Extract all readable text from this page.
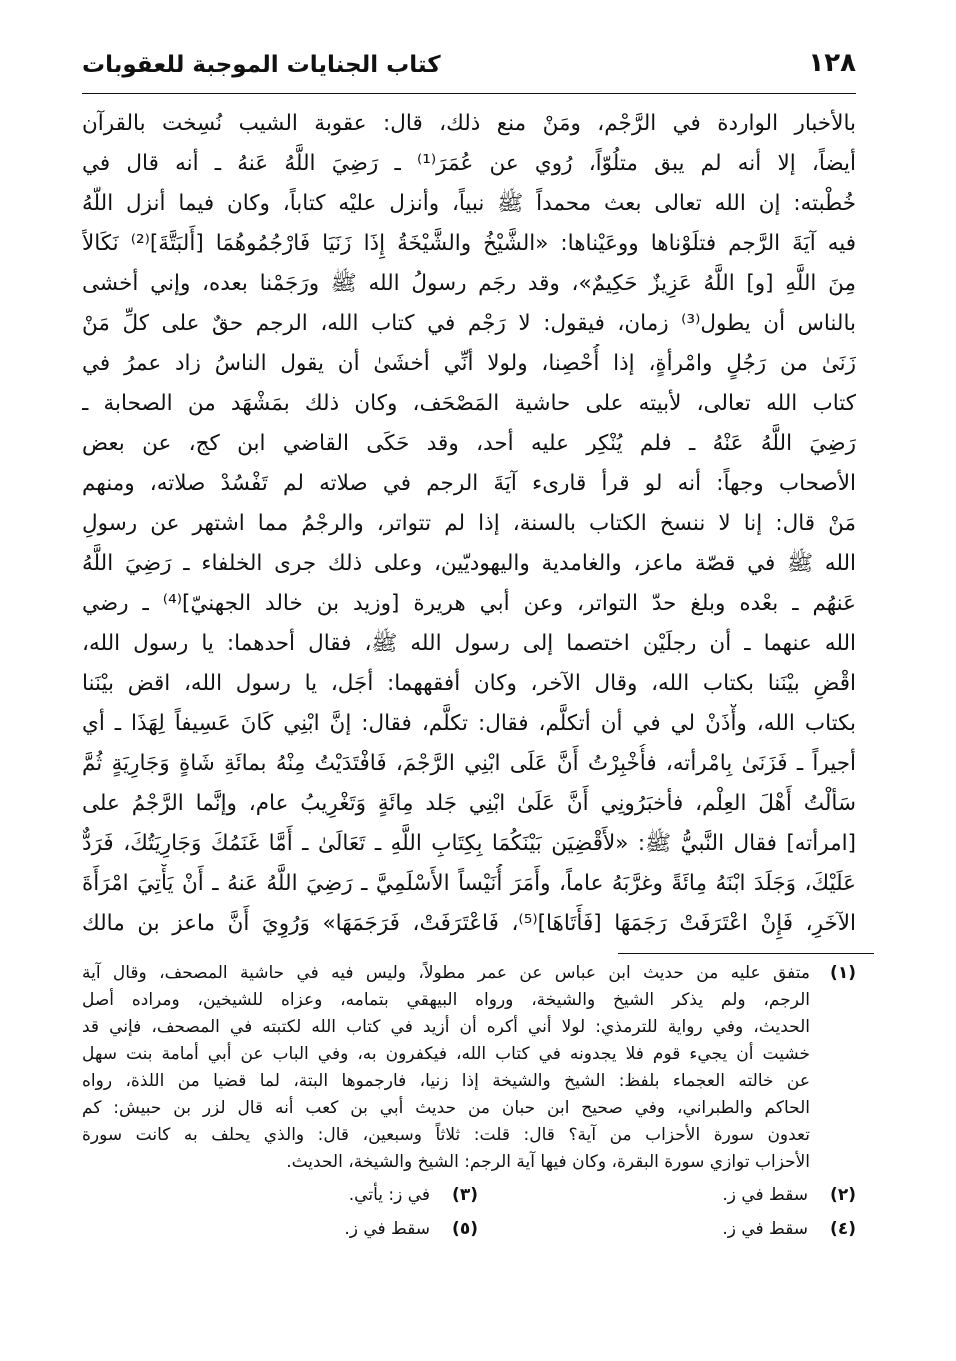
١٢٨
كتاب الجنايات الموجبة للعقوبات
بالأخبار الواردة في الرَّجْم، ومَنْ منع ذلك، قال: عقوبة الشيب نُسِخت بالقرآن
أيضاً، إلا أنه لم يبق متلُوّاً، رُوي عن عُمَرَ⁽¹⁾ ـ رَضِيَ اللَّهُ عَنهُ ـ أنه قال في
خُطْبته: إن الله تعالى بعث محمداً ﷺ نبياً، وأنزل عليْه كتاباً، وكان فيما أنزل اللّهُ
فيه آيَةَ الرَّجم فتلَوْناها ووعَيْناها: «الشَّيْخُ والشَّيْخَةُ إِذَا زَنَيَا فَارْجُمُوهُمَا [أَلبَتَّةَ]⁽²⁾ نَكَالاً
مِنَ اللَّهِ [و] اللَّهُ عَزِيزٌ حَكِيمٌ»، وقد رجَم رسولُ الله ﷺ ورَجَمْنا بعده، وإني أخشى
بالناس أن يطول⁽³⁾ زمان، فيقول: لا رَجْم في كتاب الله، الرجم حقٌ على كلِّ مَنْ
زَنَىٰ من رَجُلٍ وامْرأةٍ، إذا أُحْصِنا، ولولا أنِّي أخشَىٰ أن يقول الناسُ زاد عمرُ في
كتاب الله تعالى، لأبيته على حاشية المَصْحَف، وكان ذلك بمَشْهَد من الصحابة ـ
رَضِيَ اللَّهُ عَنْهُ ـ فلم يُنْكِر عليه أحد، وقد حَكَى القاضي ابن كج، عن بعض
الأصحاب وجهاً: أنه لو قرأ قارىء آيَةَ الرجم في صلاته لم تَفْسُدْ صلاته، ومنهم
مَنْ قال: إنا لا ننسخ الكتاب بالسنة، إذا لم تتواتر، والرجْمُ مما اشتهر عن رسولِ
الله ﷺ في قصّة ماعز، والغامدية واليهوديّين، وعلى ذلك جرى الخلفاء ـ رَضِيَ اللَّهُ
عَنهُم ـ بعْده وبلغ حدّ التواتر، وعن أبي هريرة [وزيد بن خالد الجهنيّ]⁽⁴⁾ ـ رضي
الله عنهما ـ أن رجلَيْن اختصما إلى رسول الله ﷺ، فقال أحدهما: يا رسول الله،
اقْضِ بيْنَنا بكتاب الله، وقال الآخر، وكان أفقههما: أجَل، يا رسول الله، اقض بيْنَنا
بكتاب الله، وأْذَنْ لي في أن أتكلَّم، فقال: تكلَّم، فقال: إنَّ ابْنِي كَانَ عَسِيفاً لِهَذَا ـ أي
أجيراً ـ فَزَنَىٰ بِامْرأته، فأُخْبِرْتُ أَنَّ عَلَى ابْنِي الرَّجْمَ، فَافْتَدَيْتُ مِنْهُ بمائَةِ شَاةٍ وَجَارِيَةٍ ثُمَّ
سَألْتُ أَهْلَ العِلْم، فأخبَرُونِي أَنَّ عَلَىٰ ابْنِي جَلد مِائَةٍ وَتَغْرِيبُ عام، وإنَّما الرَّجْمُ على
[امرأته] فقال النَّبيُّ ﷺ: «لأَقْضِيَن بَيْنَكُمَا بِكِتَابِ اللَّهِ ـ تَعَالَىٰ ـ أَمَّا غَنَمُكَ وَجَارِيَتُكَ، فَرَدٌّ
عَلَيْكَ، وَجَلَدَ ابْنَهُ مِائَةً وغرَّبَهُ عاماً، وأَمَرَ أُنَيْساً الأَسْلَمِيَّ ـ رَضِيَ اللَّهُ عَنهُ ـ أَنْ يَأْتِيَ امْرَأَةَ
الآخَرِ، فَإِنْ اعْتَرَفَتْ رَجَمَهَا [فَأَتَاهَا]⁽⁵⁾، فَاعْتَرَفَتْ، فَرَجَمَهَا» وَرُوِيَ أَنَّ ماعز بن مالك
(١)
متفق عليه من حديث ابن عباس عن عمر مطولاً، وليس فيه في حاشية المصحف، وقال آية
الرجم، ولم يذكر الشيخ والشيخة، ورواه البيهقي بتمامه، وعزاه للشيخين، ومراده أصل
الحديث، وفي رواية للترمذي: لولا أني أكره أن أزيد في كتاب الله لكتبته في المصحف، فإني قد
خشيت أن يجيء قوم فلا يجدونه في كتاب الله، فيكفرون به، وفي الباب عن أبي أمامة بنت سهل
عن خالته العجماء بلفظ: الشيخ والشيخة إذا زنيا، فارجموها البتة، لما قضيا من اللذة، رواه
الحاكم والطبراني، وفي صحيح ابن حبان من حديث أبي بن كعب أنه قال لزر بن حبيش: كم
تعدون سورة الأحزاب من آية؟ قال: قلت: ثلاثاً وسبعين، قال: والذي يحلف به كانت سورة
الأحزاب توازي سورة البقرة، وكان فيها آية الرجم: الشيخ والشيخة، الحديث.
(٢)سقط في ز.
(٣)في ز: يأتي.
(٤)سقط في ز.
(٥)سقط في ز.
